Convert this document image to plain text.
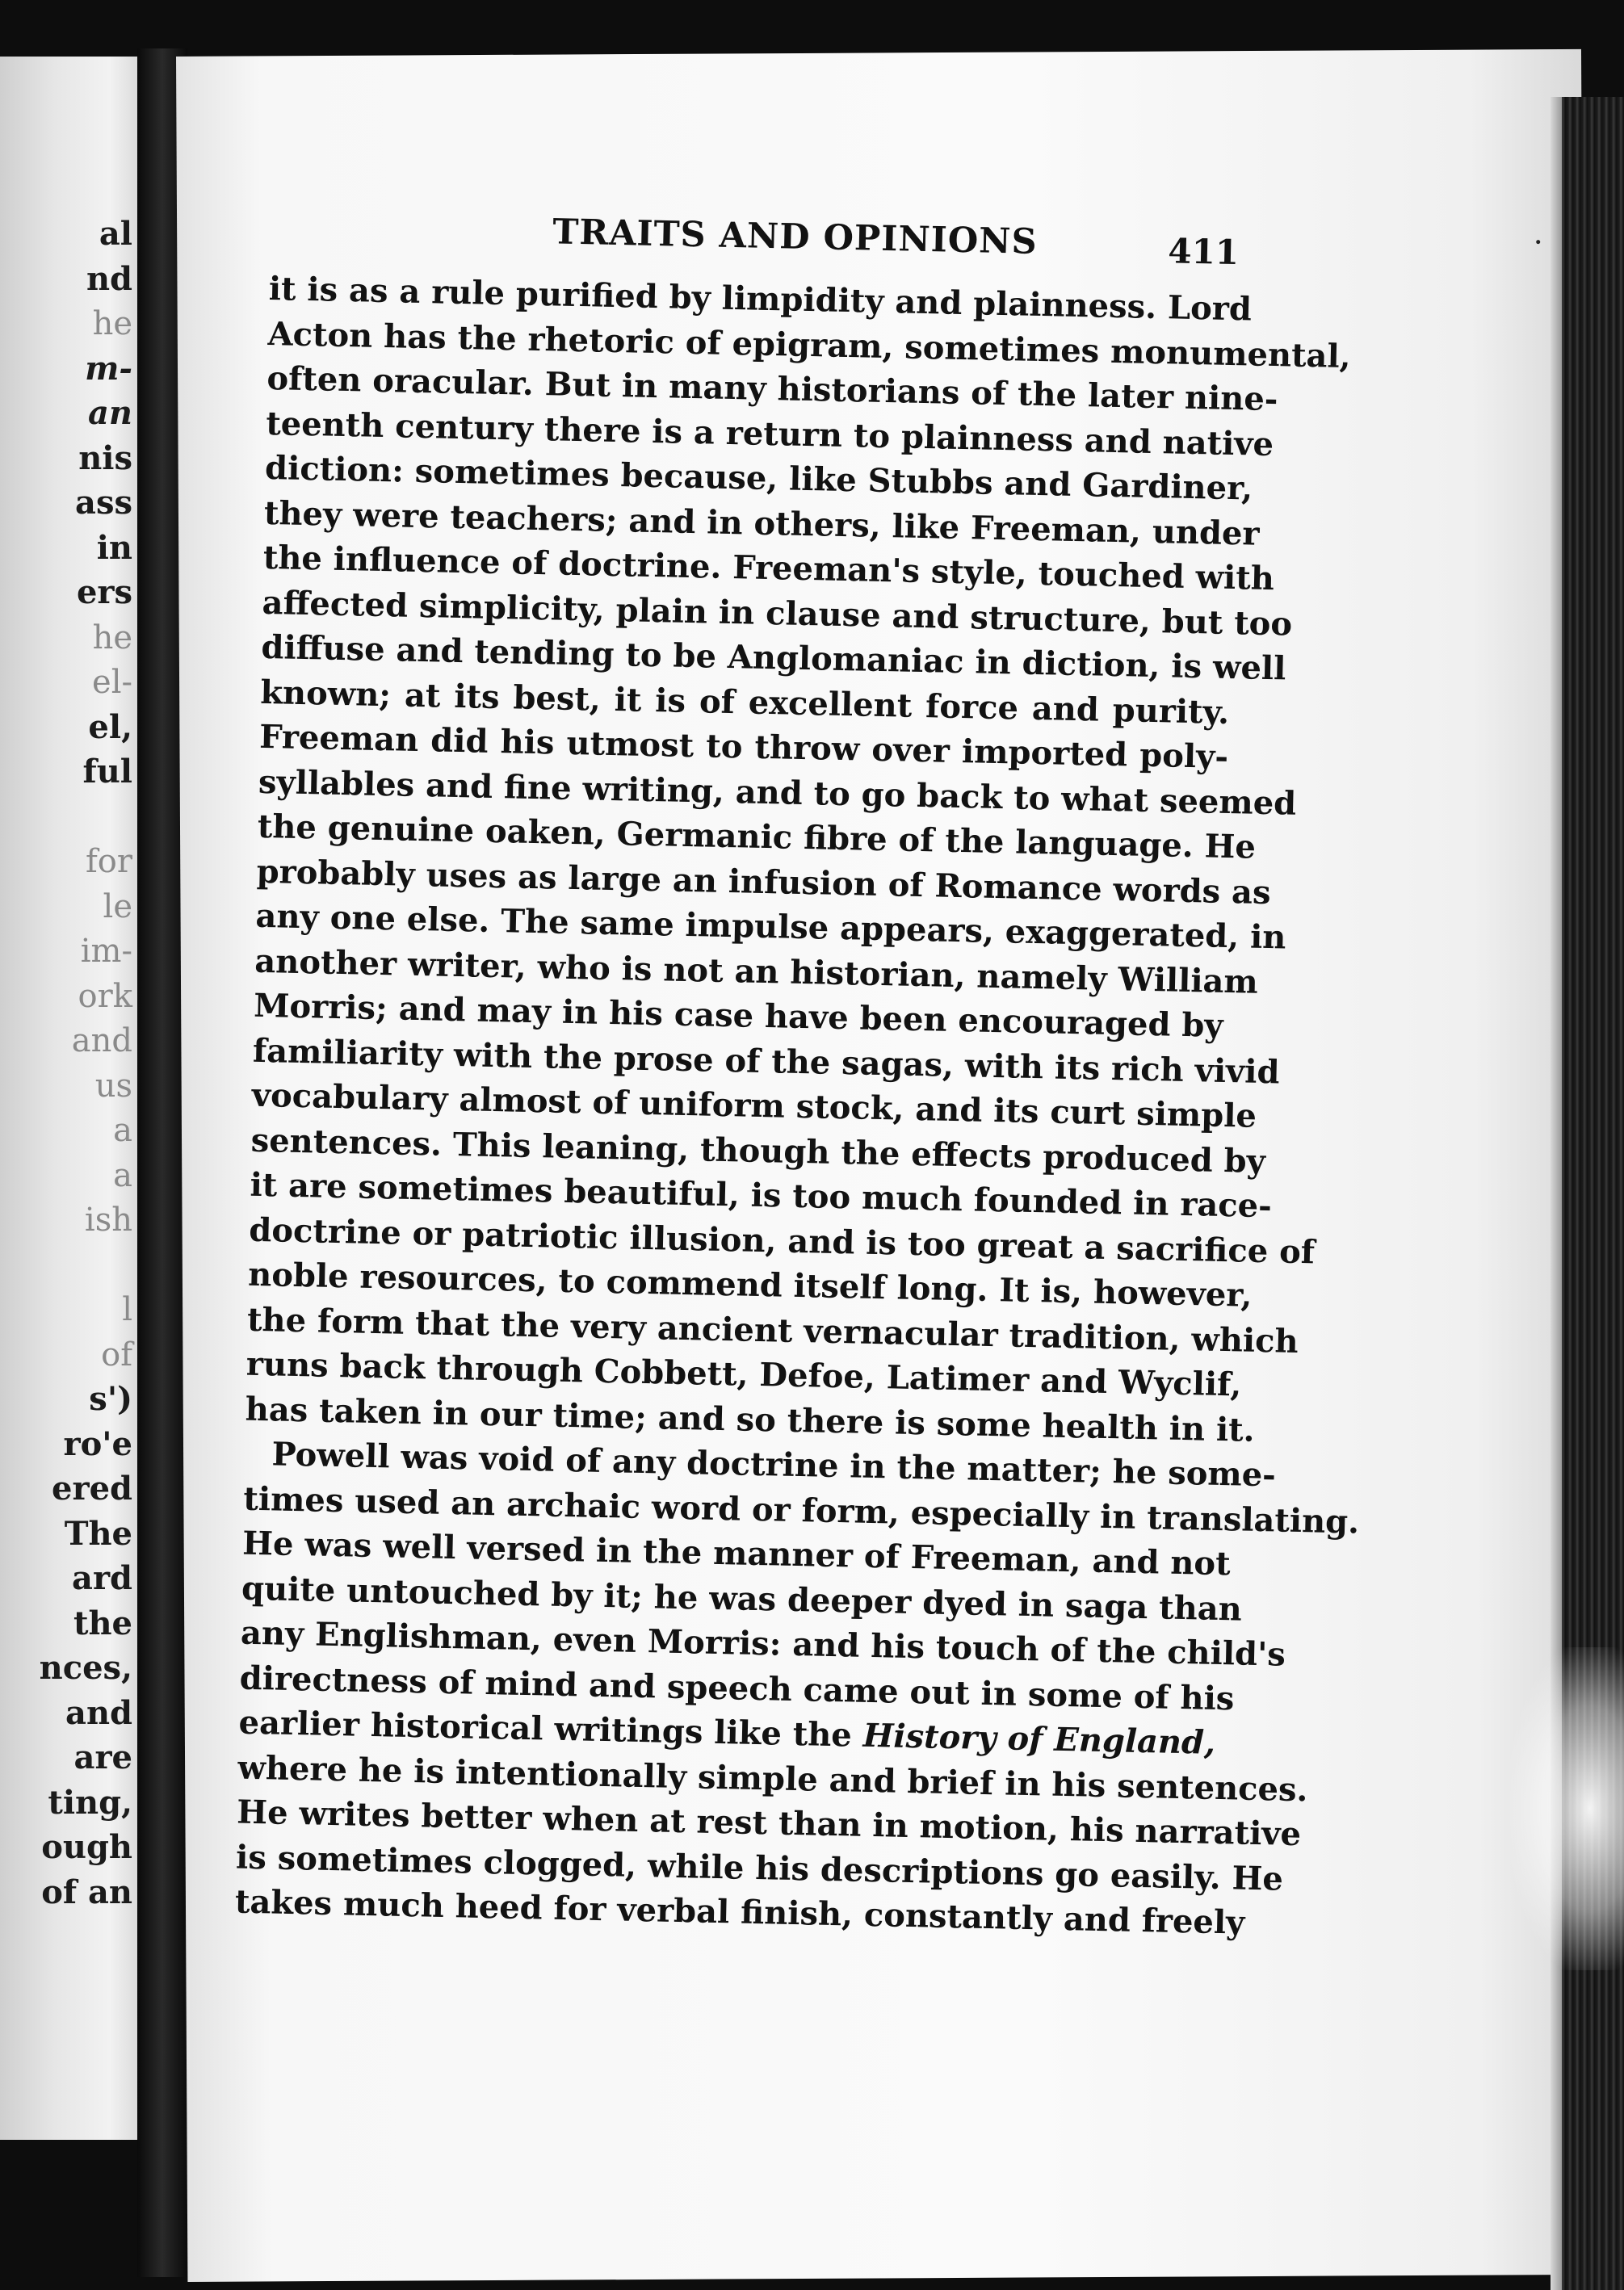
al
nd
he
m-
an
nis
ass
in
ers
he
el-
el,
ful
for
le
im-
ork
and
us
a
a
ish
l
of
s')
ro'e
ered
The
ard
the
nces,
and
are
ting,
ough
of an
TRAITS AND OPINIONS	411
it is as a rule purified by limpidity and plainness. Lord
Acton has the rhetoric of epigram, sometimes monumental,
often oracular. But in many historians of the later nine-
teenth century there is a return to plainness and native
diction: sometimes because, like Stubbs and Gardiner,
they were teachers; and in others, like Freeman, under
the influence of doctrine. Freeman's style, touched with
affected simplicity, plain in clause and structure, but too
diffuse and tending to be Anglomaniac in diction, is well
known; at its best, it is of excellent force and purity.
Freeman did his utmost to throw over imported poly-
syllables and fine writing, and to go back to what seemed
the genuine oaken, Germanic fibre of the language. He
probably uses as large an infusion of Romance words as
any one else. The same impulse appears, exaggerated, in
another writer, who is not an historian, namely William
Morris; and may in his case have been encouraged by
familiarity with the prose of the sagas, with its rich vivid
vocabulary almost of uniform stock, and its curt simple
sentences. This leaning, though the effects produced by
it are sometimes beautiful, is too much founded in race-
doctrine or patriotic illusion, and is too great a sacrifice of
noble resources, to commend itself long. It is, however,
the form that the very ancient vernacular tradition, which
runs back through Cobbett, Defoe, Latimer and Wyclif,
has taken in our time; and so there is some health in it.
Powell was void of any doctrine in the matter; he some-
times used an archaic word or form, especially in translating.
He was well versed in the manner of Freeman, and not
quite untouched by it; he was deeper dyed in saga than
any Englishman, even Morris: and his touch of the child's
directness of mind and speech came out in some of his
earlier historical writings like the History of England,
where he is intentionally simple and brief in his sentences.
He writes better when at rest than in motion, his narrative
is sometimes clogged, while his descriptions go easily. He
takes much heed for verbal finish, constantly and freely
